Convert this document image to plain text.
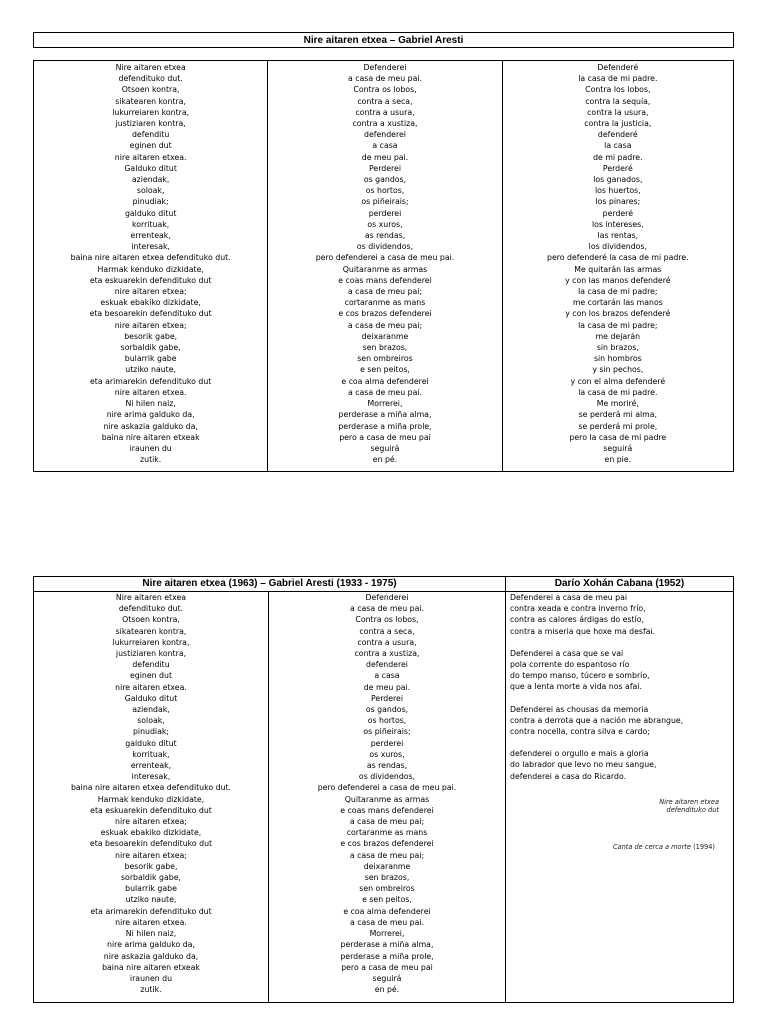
Nire aitaren etxea – Gabriel Aresti
Nire aitaren etxea
defendituko dut.
Otsoen kontra,
sikatearen kontra,
lukurreiaren kontra,
justiziaren kontra,
defenditu
eginen dut
nire aitaren etxea.
Galduko ditut
aziendak,
soloak,
pinudiak;
galduko ditut
korrituak,
errenteak,
interesak,
baina nire aitaren etxea defendituko dut.
Harmak kenduko dizkidate,
eta eskuarekin defendituko dut
nire aitaren etxea;
eskuak ebakiko dizkidate,
eta besoarekin defendituko dut
nire aitaren etxea;
besorik gabe,
sorbaldik gabe,
bularrik gabe
utziko naute,
eta arimarekin defendituko dut
nire aitaren etxea.
Ni hilen naiz,
nire arima galduko da,
nire askazia galduko da,
baina nire aitaren etxeak
iraunen du
zutik.
Defenderei
a casa de meu pai.
Contra os lobos,
contra a seca,
contra a usura,
contra a xustiza,
defenderei
a casa
de meu pai.
Perderei
os gandos,
os hortos,
os piñeirais;
perderei
os xuros,
as rendas,
os dividendos,
pero defenderei a casa de meu pai.
Quitaranme as armas
e coas mans defenderei
a casa de meu pai;
cortaranme as mans
e cos brazos defenderei
a casa de meu pai;
deixaranme
sen brazos,
sen ombreiros
e sen peitos,
e coa alma defenderei
a casa de meu pai.
Morrerei,
perderase a miña alma,
perderase a miña prole,
pero a casa de meu pai
seguirá
en pé.
Defenderé
la casa de mi padre.
Contra los lobos,
contra la sequía,
contra la usura,
contra la justicia,
defenderé
la casa
de mi padre.
Perderé
los ganados,
los huertos,
los pinares;
perderé
los intereses,
las rentas,
los dividendos,
pero defenderé la casa de mi padre.
Me quitarán las armas
y con las manos defenderé
la casa de mi padre;
me cortarán las manos
y con los brazos defenderé
la casa de mi padre;
me dejarán
sin brazos,
sin hombros
y sin pechos,
y con el alma defenderé
la casa de mi padre.
Me moriré,
se perderá mi alma,
se perderá mi prole,
pero la casa de mi padre
seguirá
en pie.
Nire aitaren etxea (1963) – Gabriel Aresti (1933 - 1975)	Darío Xohán Cabana (1952)
Nire aitaren etxea
defendituko dut.
Otsoen kontra,
sikatearen kontra,
lukurreiaren kontra,
justiziaren kontra,
defenditu
eginen dut
nire aitaren etxea.
Galduko ditut
aziendak,
soloak,
pinudiak;
galduko ditut
korrituak,
errenteak,
interesak,
baina nire aitaren etxea defendituko dut.
Harmak kenduko dizkidate,
eta eskuarekin defendituko dut
nire aitaren etxea;
eskuak ebakiko dizkidate,
eta besoarekin defendituko dut
nire aitaren etxea;
besorik gabe,
sorbaldik gabe,
bularrik gabe
utziko naute,
eta arimarekin defendituko dut
nire aitaren etxea.
Ni hilen naiz,
nire arima galduko da,
nire askazia galduko da,
baina nire aitaren etxeak
iraunen du
zutik.
Defenderei
a casa de meu pai.
Contra os lobos,
contra a seca,
contra a usura,
contra a xustiza,
defenderei
a casa
de meu pai.
Perderei
os gandos,
os hortos,
os piñeirais;
perderei
os xuros,
as rendas,
os dividendos,
pero defenderei a casa de meu pai.
Quitaranme as armas
e coas mans defenderei
a casa de meu pai;
cortaranme as mans
e cos brazos defenderei
a casa de meu pai;
deixaranme
sen brazos,
sen ombreiros
e sen peitos,
e coa alma defenderei
a casa de meu pai.
Morrerei,
perderase a miña alma,
perderase a miña prole,
pero a casa de meu pai
seguirá
en pé.
Defenderei a casa de meu pai
contra xeada e contra inverno frío,
contra as calores árdigas do estío,
contra a miseria que hoxe ma desfai.
Defenderei a casa que se vai
pola corrente do espantoso río
do tempo manso, túcero e sombrío,
que a lenta morte a vida nos afai.
Defenderei as chousas da memoria
contra a derrota que a nación me abrangue,
contra nocella, contra silva e cardo;
defenderei o orgullo e mais a gloria
do labrador que levo no meu sangue,
defenderei a casa do Ricardo.
Nire aitaren etxea
defendituko dut
Canta de cerca a morte (1994)
